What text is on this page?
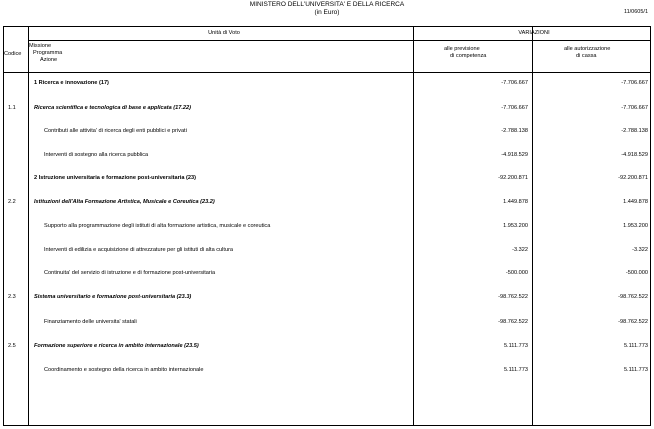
MINISTERO DELL'UNIVERSITA' E DELLA RICERCA
(in Euro)	11/0605/1
Unità di Voto	VARIAZIONI
Codice
Missione
Programma
Azione
alle previsione
di competenza
alle autorizzazione
di cassa
1.1
2.2
2.3
2.5
1 Ricerca e innovazione (17)
Ricerca scientifica e tecnologica di base e applicata (17.22)
Contributi alle attivita' di ricerca degli enti pubblici e privati
Interventi di sostegno alla ricerca pubblica
2 Istruzione universitaria e formazione post-universitaria (23)
Istituzioni dell'Alta Formazione Artistica, Musicale e Coreutica (23.2)
Supporto alla programmazione degli istituti di alta formazione artistica, musicale e coreutica
Interventi di edilizia e acquisizione di attrezzature per gli istituti di alta cultura
Continuita' del servizio di istruzione e di formazione post-universitaria
Sistema universitario e formazione post-universitaria (23.3)
Finanziamento delle universita' statali
Formazione superiore e ricerca in ambito internazionale (23.5)
Coordinamento e sostegno della ricerca in ambito internazionale
-7.706.667
-7.706.667
-2.788.138
-4.918.529
-92.200.871
1.449.878
1.953.200
-3.322
-500.000
-98.762.522
-98.762.522
5.111.773
5.111.773
-7.706.667
-7.706.667
-2.788.138
-4.918.529
-92.200.871
1.449.878
1.953.200
-3.322
-500.000
-98.762.522
-98.762.522
5.111.773
5.111.773
